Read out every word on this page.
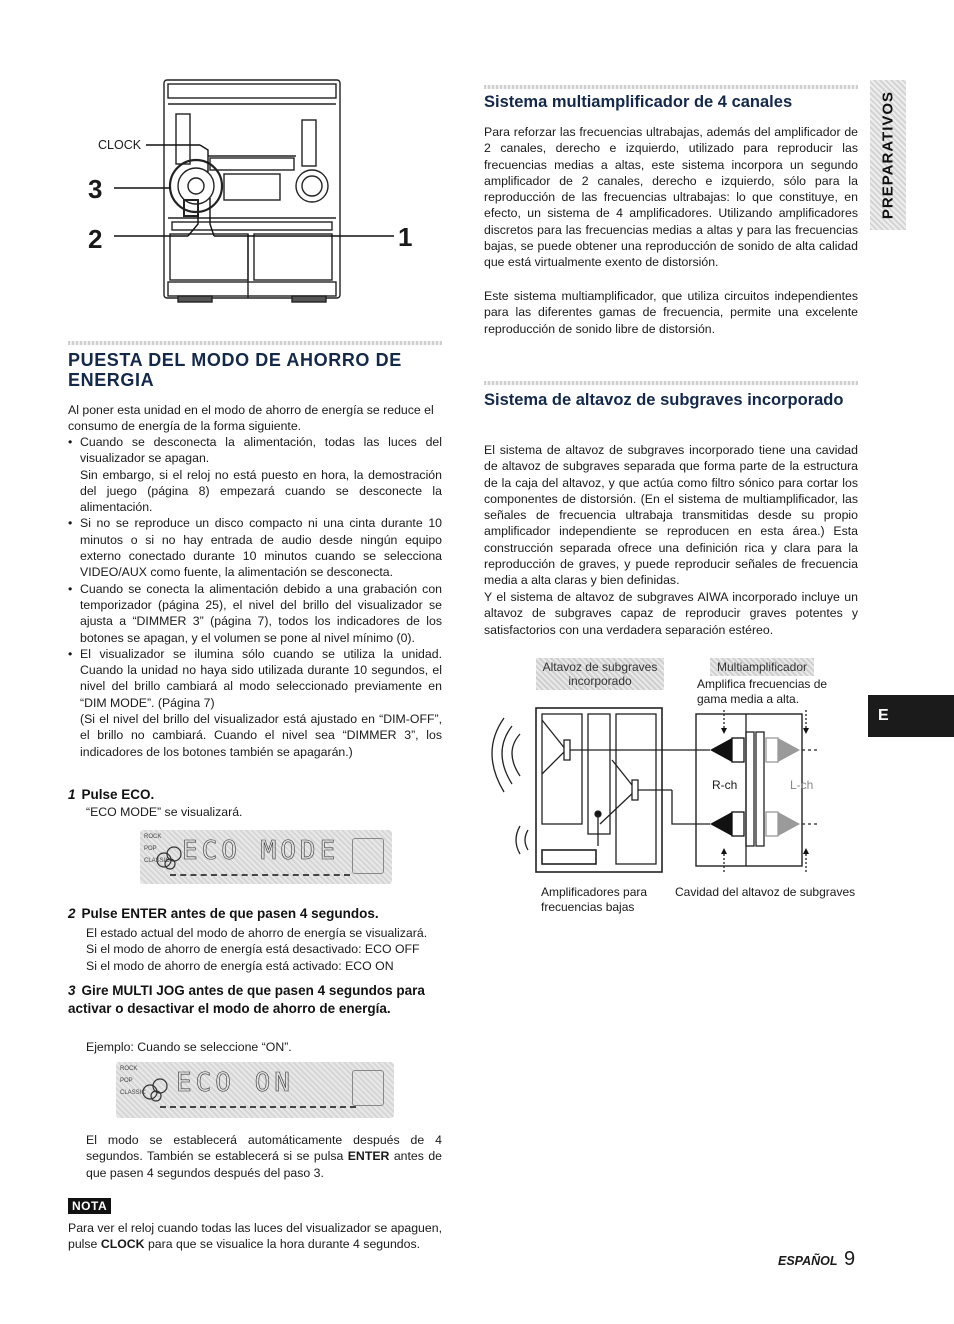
CLOCK
3
2	1
PUESTA DEL MODO DE AHORRO DE ENERGIA

Al poner esta unidad en el modo de ahorro de energía se reduce el consumo de energía de la forma siguiente.

• Cuando se desconecta la alimentación, todas las luces del visualizador se apagan.
Sin embargo, si el reloj no está puesto en hora, la demostración del juego (página 8) empezará cuando se desconecte la alimentación.
• Si no se reproduce un disco compacto ni una cinta durante 10 minutos o si no hay entrada de audio desde ningún equipo externo conectado durante 10 minutos cuando se selecciona VIDEO/AUX como fuente, la alimentación se desconecta.
• Cuando se conecta la alimentación debido a una grabación con temporizador (página 25), el nivel del brillo del visualizador se ajusta a “DIMMER 3” (página 7), todos los indicadores de los botones se apagan, y el volumen se pone al nivel mínimo (0).
• El visualizador se ilumina sólo cuando se utiliza la unidad. Cuando la unidad no haya sido utilizada durante 10 segundos, el nivel del brillo cambiará al modo seleccionado previamente en “DIM MODE”. (Página 7)
(Si el nivel del brillo del visualizador está ajustado en “DIM-OFF”, el brillo no cambiará. Cuando el nivel sea “DIMMER 3”, los indicadores de los botones también se apagarán.)
1 Pulse ECO.

“ECO MODE” se visualizará.

ROCK
POP
CLASSIC ECO MODE
2 Pulse ENTER antes de que pasen 4 segundos.

El estado actual del modo de ahorro de energía se visualizará.

Si el modo de ahorro de energía está desactivado: ECO OFF

Si el modo de ahorro de energía está activado: ECO ON

3 Gire MULTI JOG antes de que pasen 4 segundos para activar o desactivar el modo de ahorro de energía.

Ejemplo: Cuando se seleccione “ON”.

ROCK
POP
CLASSIC ECO ON

El modo se establecerá automáticamente después de 4 segundos. También se establecerá si se pulsa ENTER antes de que pasen 4 segundos después del paso 3.

NOTA

Para ver el reloj cuando todas las luces del visualizador se apaguen, pulse CLOCK para que se visualice la hora durante 4 segundos.

Sistema multiamplificador de 4 canales

Para reforzar las frecuencias ultrabajas, además del amplificador de 2 canales, derecho e izquierdo, utilizado para reproducir las frecuencias medias a altas, este sistema incorpora un segundo amplificador de 2 canales, derecho e izquierdo, sólo para la reproducción de las frecuencias ultrabajas: lo que constituye, en efecto, un sistema de 4 amplificadores. Utilizando amplificadores discretos para las frecuencias medias a altas y para las frecuencias bajas, se puede obtener una reproducción de sonido de alta calidad que está virtualmente exento de distorsión.

Este sistema multiamplificador, que utiliza circuitos independientes para las diferentes gamas de frecuencia, permite una excelente reproducción de sonido libre de distorsión.

Sistema de altavoz de subgraves incorporado

El sistema de altavoz de subgraves incorporado tiene una cavidad de altavoz de subgraves separada que forma parte de la estructura de la caja del altavoz, y que actúa como filtro sónico para cortar los componentes de distorsión. (En el sistema de multiamplificador, las señales de frecuencia ultrabaja transmitidas desde su propio amplificador independiente se reproducen en esta área.) Esta construcción separada ofrece una definición rica y clara para la reproducción de graves, y puede reproducir señales de frecuencia media a alta claras y bien definidas.

Y el sistema de altavoz de subgraves AIWA incorporado incluye un altavoz de subgraves capaz de reproducir graves potentes y satisfactorios con una verdadera separación estéreo.

Altavoz de subgraves incorporado
Multiamplificador
Amplifica frecuencias de gama media a alta.
R-ch	L-ch
Amplificadores para frecuencias bajas
Cavidad del altavoz de subgraves
PREPARATIVOS
E
ESPAÑOL 9
